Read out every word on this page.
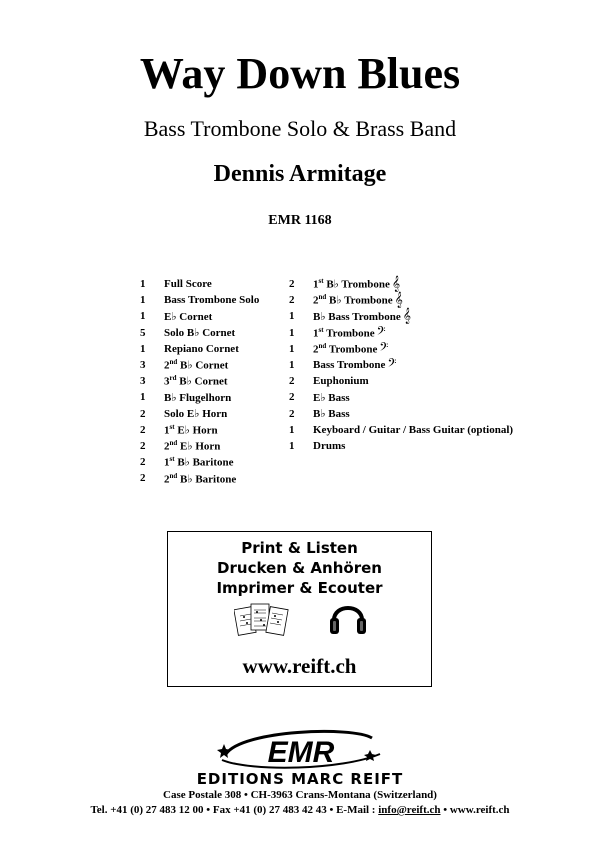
Way Down Blues
Bass Trombone Solo & Brass Band
Dennis Armitage
EMR 1168
1	Full Score
1	Bass Trombone Solo
1	E♭ Cornet
5	Solo B♭ Cornet
1	Repiano Cornet
3	2nd B♭ Cornet
3	3rd B♭ Cornet
1	B♭ Flugelhorn
2	Solo E♭ Horn
2	1st E♭ Horn
2	2nd E♭ Horn
2	1st B♭ Baritone
2	2nd B♭ Baritone
2	1st B♭ Trombone 𝄞
2	2nd B♭ Trombone 𝄞
1	B♭ Bass Trombone 𝄞
1	1st Trombone 𝄢
1	2nd Trombone 𝄢
1	Bass Trombone 𝄢
2	Euphonium
2	E♭ Bass
2	B♭ Bass
1	Keyboard / Guitar / Bass Guitar (optional)
1	Drums
Print & Listen
Drucken & Anhören
Imprimer & Ecouter
www.reift.ch
EMR
EDITIONS MARC REIFT
Case Postale 308 • CH-3963 Crans-Montana (Switzerland)
Tel. +41 (0) 27 483 12 00 • Fax +41 (0) 27 483 42 43 • E-Mail : info@reift.ch • www.reift.ch
